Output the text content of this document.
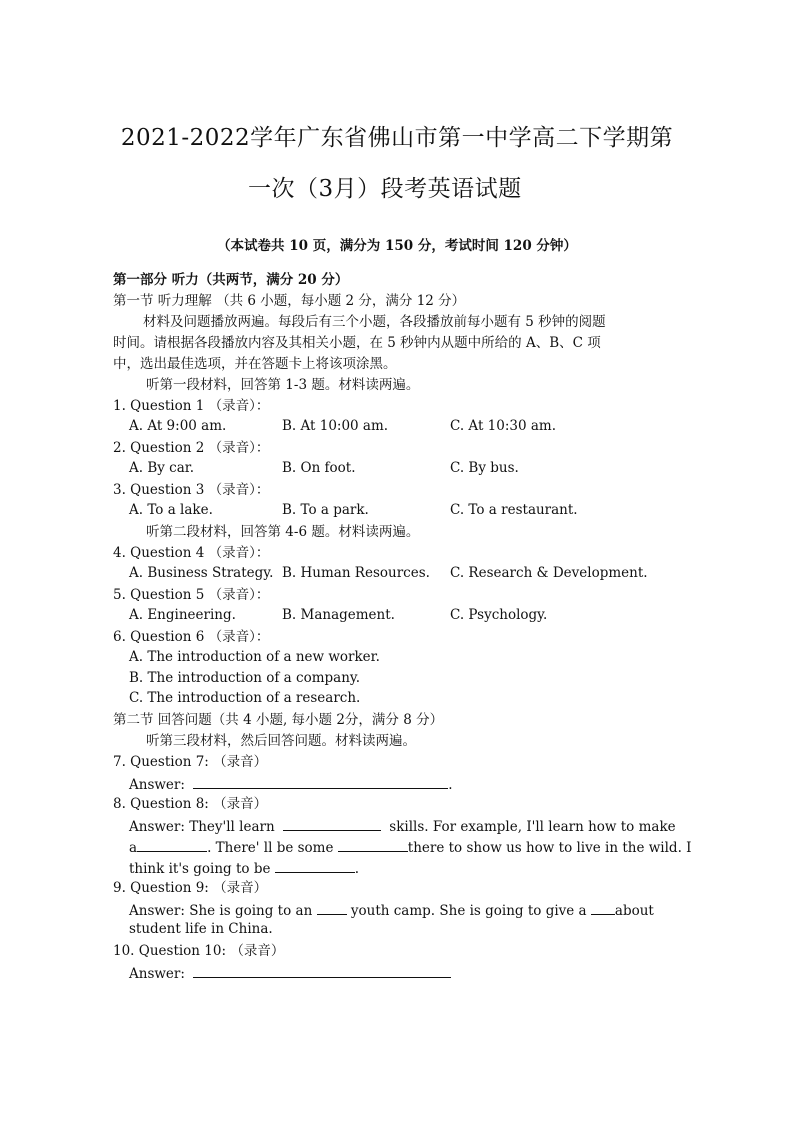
2021-2022学年广东省佛山市第一中学高二下学期第
一次（3月）段考英语试题
（本试卷共 10 页，满分为 150 分，考试时间 120 分钟）
第一部分 听力（共两节，满分 20 分）
第一节 听力理解 （共 6 小题，每小题 2 分，满分 12 分）
材料及问题播放两遍。每段后有三个小题，各段播放前每小题有 5 秒钟的阅题
时间。请根据各段播放内容及其相关小题，在 5 秒钟内从题中所给的 A、B、C 项
中，选出最佳选项，并在答题卡上将该项涂黑。
听第一段材料，回答第 1-3 题。材料读两遍。
1. Question 1 （录音）：
A. At 9:00 am.	B. At 10:00 am.	C. At 10:30 am.
2. Question 2 （录音）：
A. By car.	B. On foot.	C. By bus.
3. Question 3 （录音）：
A. To a lake.	B. To a park.	C. To a restaurant.
听第二段材料，回答第 4-6 题。材料读两遍。
4. Question 4 （录音）：
A. Business Strategy. B. Human Resources. C. Research & Development.
5. Question 5 （录音）：
A. Engineering.	B. Management.	C. Psychology.
6. Question 6 （录音）：
A. The introduction of a new worker.
B. The introduction of a company.
C. The introduction of a research.
第二节 回答问题（共 4 小题, 每小题 2分，满分 8 分）
听第三段材料，然后回答问题。材料读两遍。
7. Question 7: （录音）
Answer:	.
8. Question 8: （录音）
Answer: They'll learn	skills. For example, I'll learn how to make
a	. There' ll be some	there to show us how to live in the wild. I
think it's going to be	.
9. Question 9: （录音）
Answer: She is going to an	youth camp. She is going to give a about
student life in China.
10. Question 10: （录音）
Answer:
